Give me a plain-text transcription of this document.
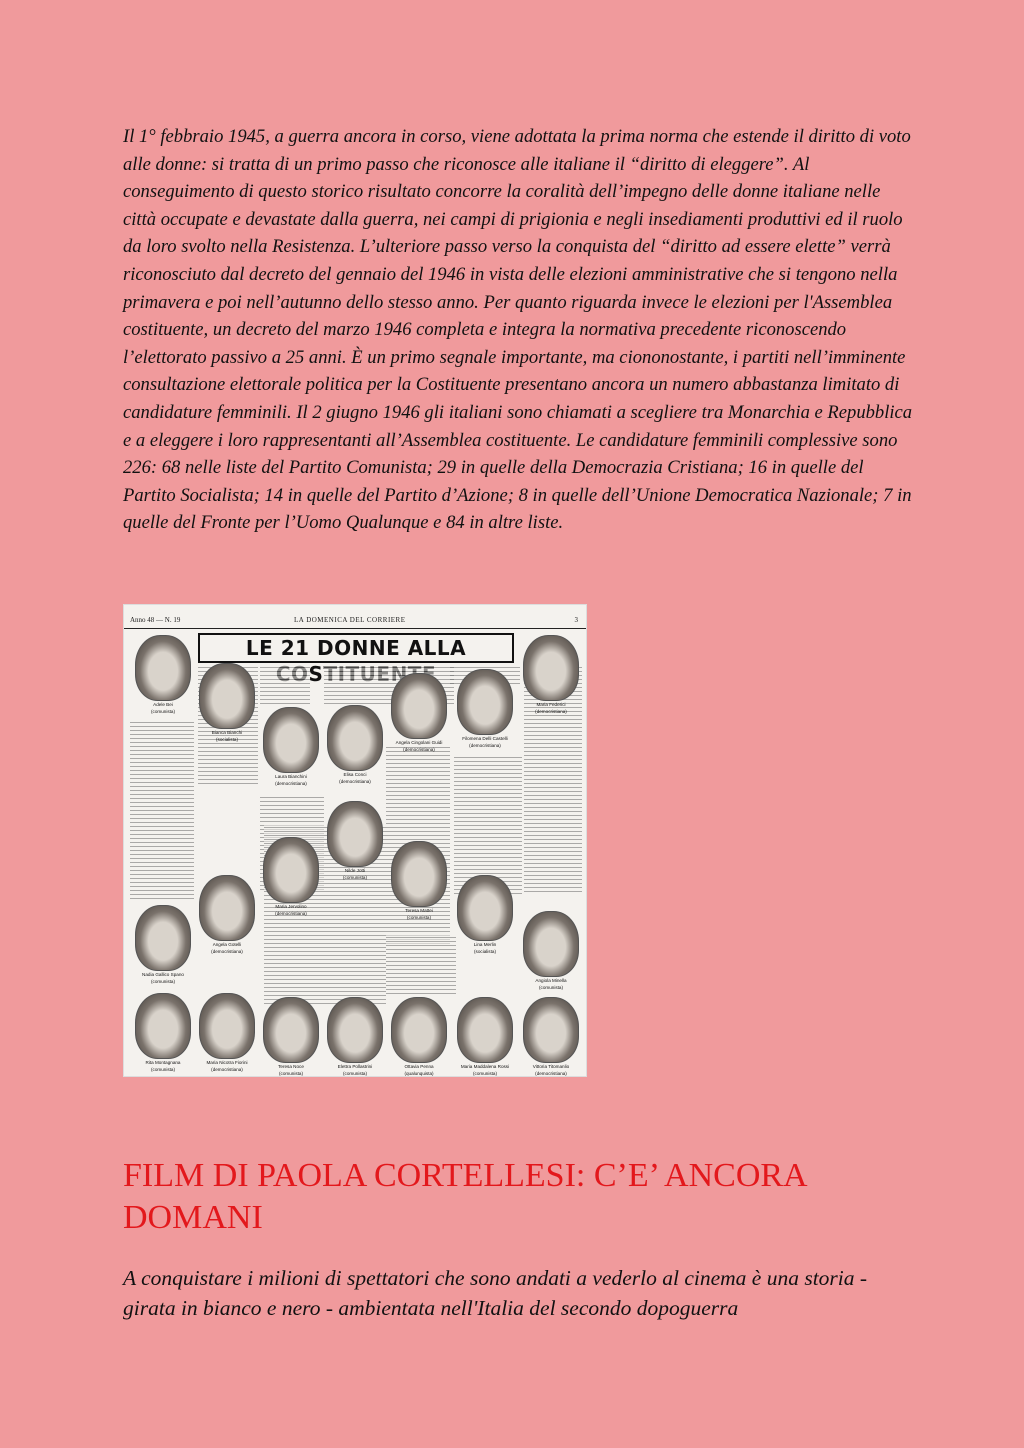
Il 1° febbraio 1945, a guerra ancora in corso, viene adottata la prima norma che estende il diritto di voto alle donne: si tratta di un primo passo che riconosce alle italiane il “diritto di eleggere”. Al conseguimento di questo storico risultato concorre la coralità dell’impegno delle donne italiane nelle città occupate e devastate dalla guerra, nei campi di prigionia e negli insediamenti produttivi ed il ruolo da loro svolto nella Resistenza. L’ulteriore passo verso la conquista del “diritto ad essere elette” verrà riconosciuto dal decreto del gennaio del 1946 in vista delle elezioni amministrative che si tengono nella primavera e poi nell’autunno dello stesso anno. Per quanto riguarda invece le elezioni per l'Assemblea costituente, un decreto del marzo 1946 completa e integra la normativa precedente riconoscendo l’elettorato passivo a 25 anni. È un primo segnale importante, ma ciononostante, i partiti nell’imminente consultazione elettorale politica per la Costituente presentano ancora un numero abbastanza limitato di candidature femminili. Il 2 giugno 1946 gli italiani sono chiamati a scegliere tra Monarchia e Repubblica e a eleggere i loro rappresentanti all’Assemblea costituente. Le candidature femminili complessive sono 226: 68 nelle liste del Partito Comunista; 29 in quelle della Democrazia Cristiana; 16 in quelle del Partito Socialista; 14 in quelle del Partito d’Azione; 8 in quelle dell’Unione Democratica Nazionale; 7 in quelle del Fronte per l’Uomo Qualunque e 84 in altre liste.

Anno 48 — N. 19	LA DOMENICA DEL CORRIERE	3
LE 21 DONNE ALLA
Adele Bei
(comunista)
Bianca Bianchi
(socialista)
Laura Bianchini
(democristiana)
Elisa Conci
(democristiana)
Angela Cingolani Guidi
(democristiana)
Filomena Delli Castelli
(democristiana)
Maria Federici
(democristiana)
Nilde Jotti
(comunista)
Maria Jervolino
(democristiana)
Teresa Mattei
(comunista)
Lina Merlin
(socialista)
Angela Gotelli
(democristiana)
Nadia Gallico Spano
(comunista)	Angiola Minella
(comunista)
Rita Montagnana
(comunista)
Maria Nicotra Fiorini
(democristiana)
Teresa Noce
(comunista)
Elettra Pollastrini
(comunista)
Ottavia Penna
(qualunquista)
Maria Maddalena Rossi
(comunista)
Vittoria Titomanlio
(democristiana)
FILM DI PAOLA CORTELLESI: C’E’ ANCORA DOMANI

A conquistare i milioni di spettatori che sono andati a vederlo al cinema è una storia - girata in bianco e nero - ambientata nell'Italia del secondo dopoguerra
